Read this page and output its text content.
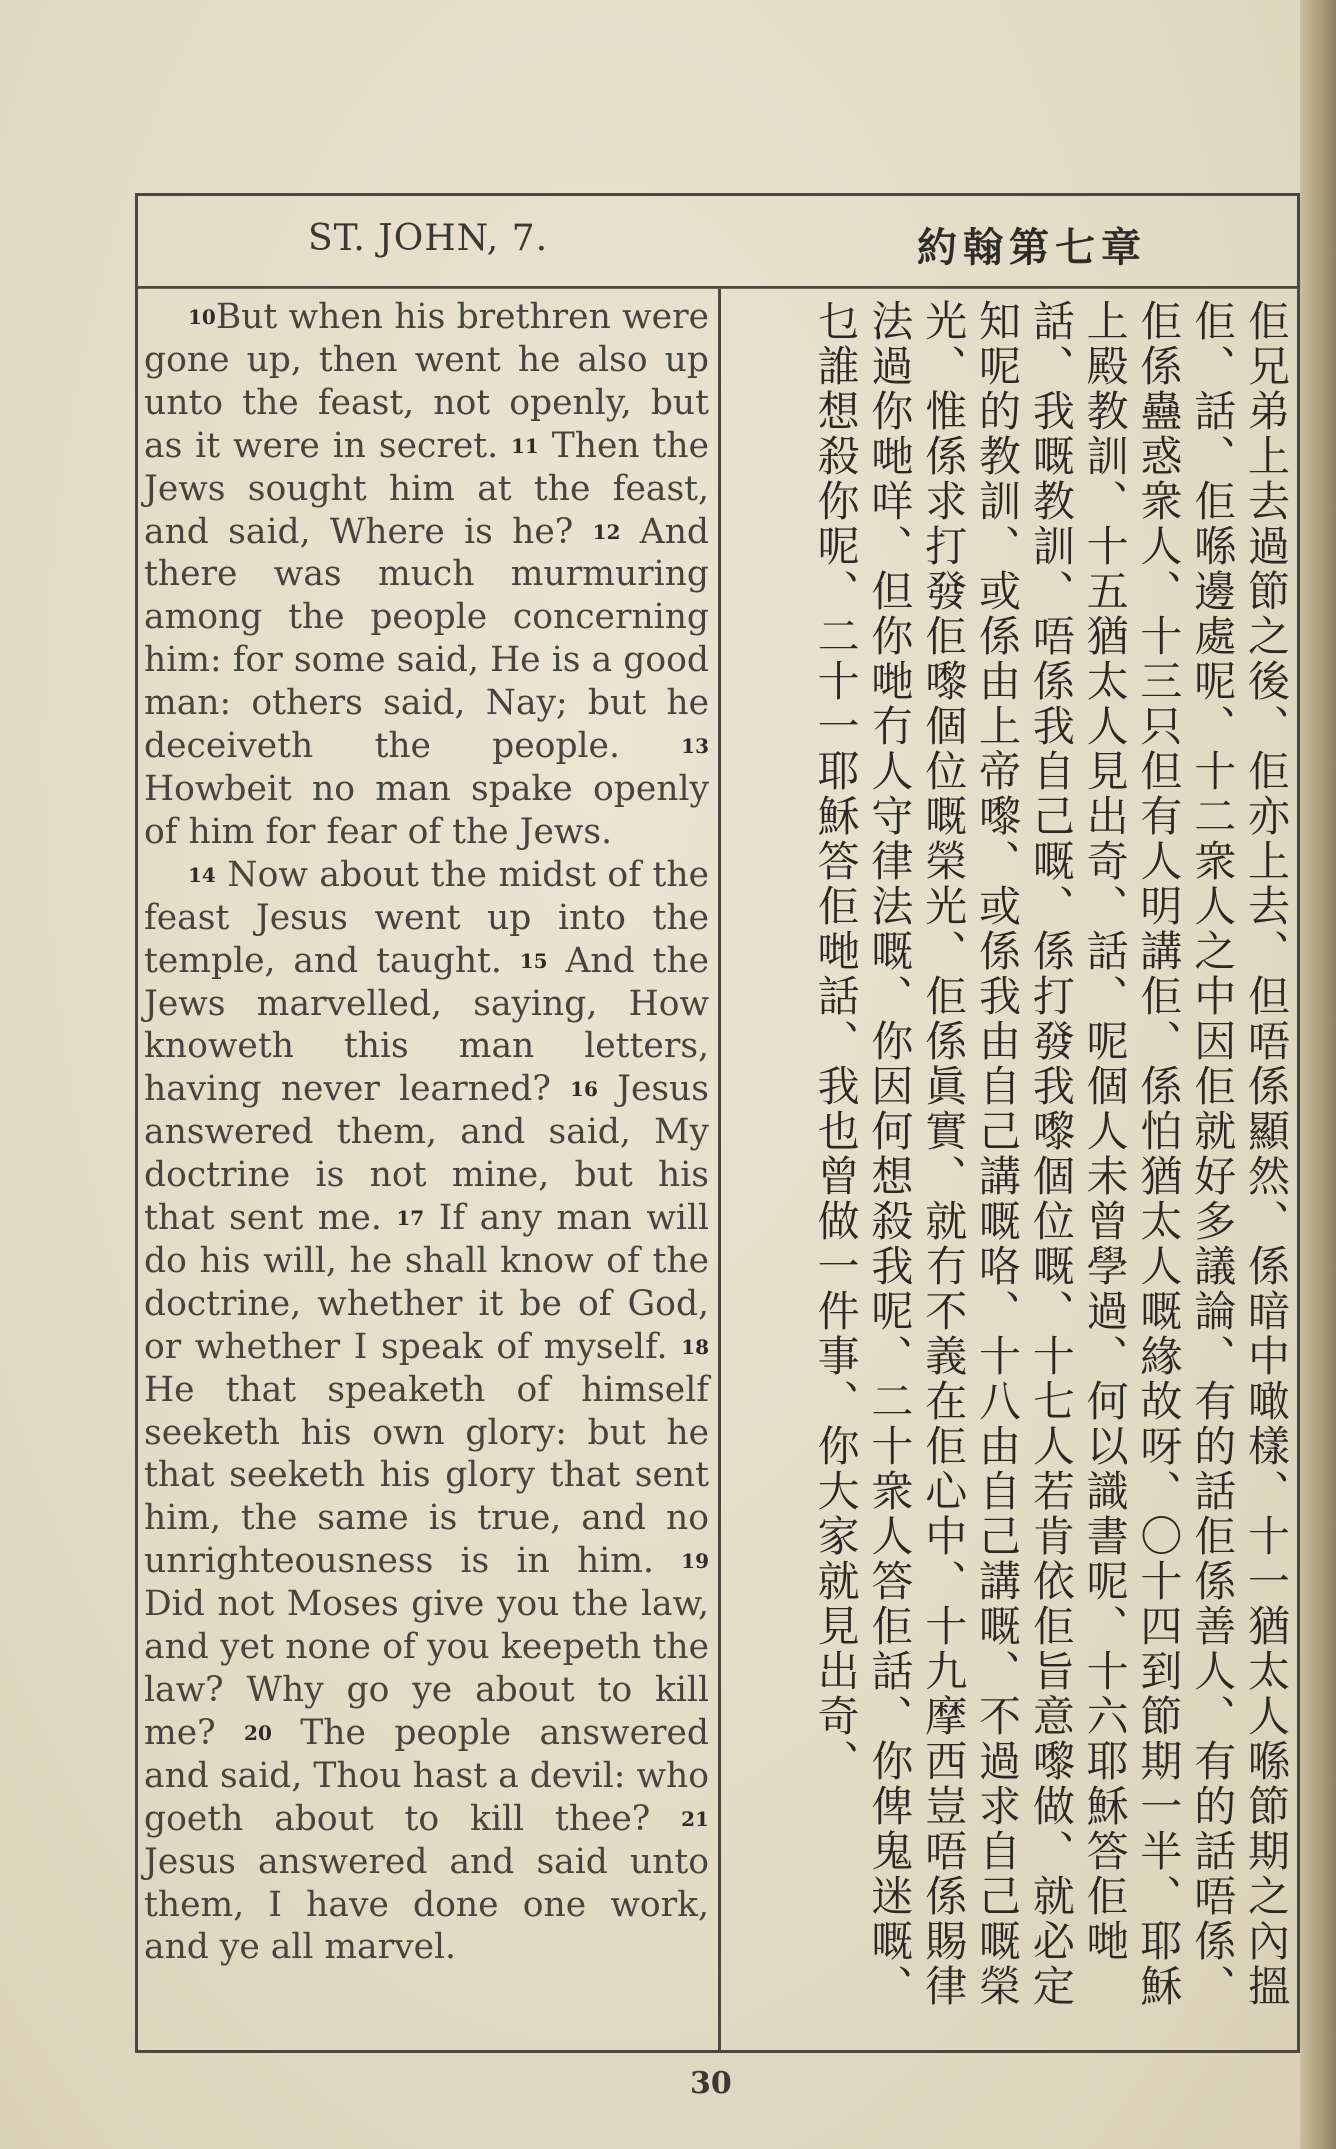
ST. JOHN, 7.	約翰第七章

10But when his brethren were gone up, then went he also up unto the feast, not openly, but as it were in secret. 11 Then the Jews sought him at the feast, and said, Where is he? 12 And there was much murmuring among the people concerning him: for some said, He is a good man: others said, Nay; but he deceiveth the people.	13 Howbeit no man spake openly of him for fear of the Jews.

14 Now about the midst of the feast Jesus went up into the temple, and taught. 15 And the Jews marvelled, saying, How knoweth this man letters, having never learned? 16 Jesus answered them, and said, My doctrine is not mine, but his that sent me. 17 If any man will do his will, he shall know of the doctrine, whether it be of God, or whether I speak of myself. 18 He that speaketh of himself seeketh his own glory: but he that seeketh his glory that sent him, the same is true, and no unrighteousness is in him. 19 Did not Moses give you the law, and yet none of you keepeth the law? Why go ye about to kill me? 20 The people answered and said, Thou hast a devil: who goeth about to kill thee? 21 Jesus answered and said unto them, I have done one work, and ye all marvel.	佢兄弟上去過節之後、佢亦上去、但唔係顯然、係暗中噉樣、十一猶太人喺節期之內搵佢、話、佢喺邊處呢、十二衆人之中因佢就好多議論、有的話佢係善人、有的話唔係、佢係蠱惑衆人、十三只但有人明講佢、係怕猶太人嘅緣故呀、〇十四到節期一半、耶穌上殿教訓、十五猶太人見出奇、話、呢個人未曾學過、何以識書呢、十六耶穌答佢哋話、我嘅教訓、唔係我自己嘅、係打發我嚟個位嘅、十七人若肯依佢旨意嚟做、就必定知呢的教訓、或係由上帝嚟、或係我由自己講嘅咯、十八由自己講嘅、不過求自己嘅榮光、惟係求打發佢嚟個位嘅榮光、佢係眞實、就冇不義在佢心中、十九摩西豈唔係賜律法過你哋咩、但你哋冇人守律法嘅、你因何想殺我呢、二十衆人答佢話、你俾鬼迷嘅、乜誰想殺你呢、二十一耶穌答佢哋話、我也曾做一件事、你大家就見出奇、
30
